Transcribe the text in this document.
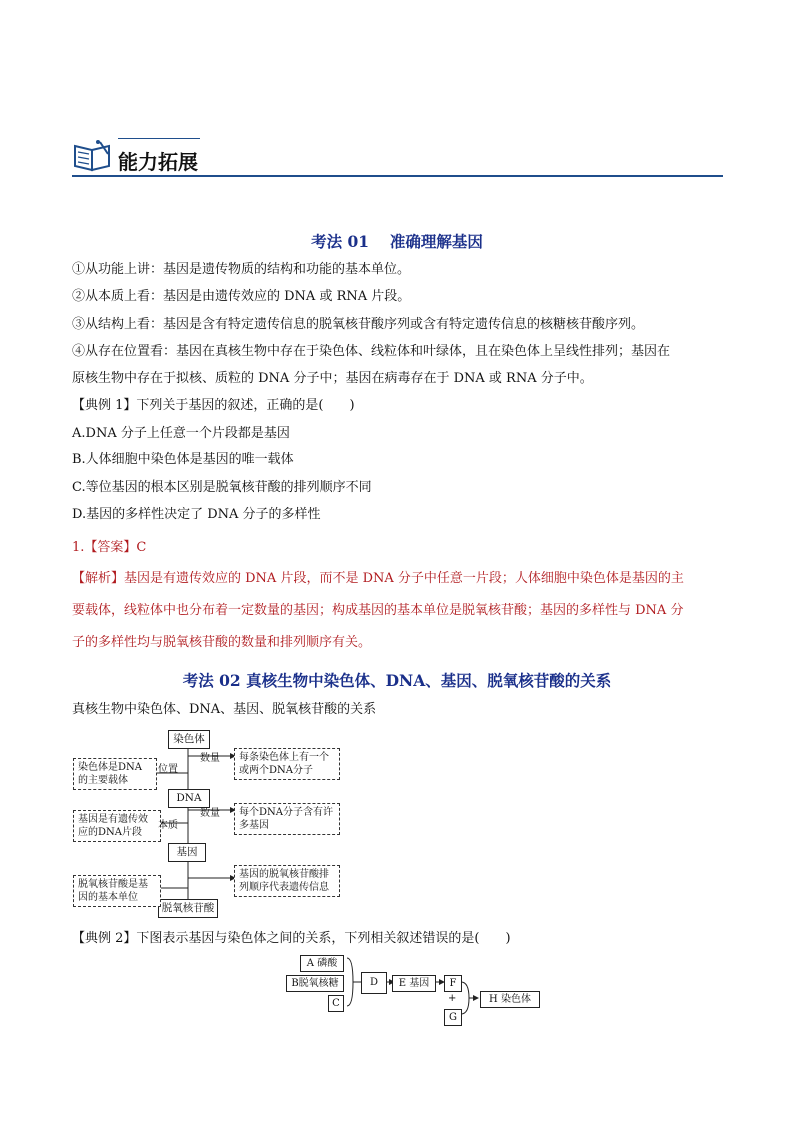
能力拓展
考法 01　 准确理解基因
①从功能上讲：基因是遗传物质的结构和功能的基本单位。
②从本质上看：基因是由遗传效应的 DNA 或 RNA 片段。
③从结构上看：基因是含有特定遗传信息的脱氧核苷酸序列或含有特定遗传信息的核糖核苷酸序列。
④从存在位置看：基因在真核生物中存在于染色体、线粒体和叶绿体，且在染色体上呈线性排列；基因在
原核生物中存在于拟核、质粒的 DNA 分子中；基因在病毒存在于 DNA 或 RNA 分子中。
【典例 1】下列关于基因的叙述，正确的是(　　)
A.DNA 分子上任意一个片段都是基因
B.人体细胞中染色体是基因的唯一载体
C.等位基因的根本区别是脱氧核苷酸的排列顺序不同
D.基因的多样性决定了 DNA 分子的多样性
1.【答案】C
【解析】基因是有遗传效应的 DNA 片段，而不是 DNA 分子中任意一片段；人体细胞中染色体是基因的主
要载体，线粒体中也分布着一定数量的基因；构成基因的基本单位是脱氧核苷酸；基因的多样性与 DNA 分
子的多样性均与脱氧核苷酸的数量和排列顺序有关。
考法 02 真核生物中染色体、DNA、基因、脱氧核苷酸的关系
真核生物中染色体、DNA、基因、脱氧核苷酸的关系
染色体
DNA
基因
脱氧核苷酸
染色体是DNA
的主要载体
基因是有遗传效
应的DNA片段
脱氧核苷酸是基
因的基本单位
位置
本质
数量
数量
每条染色体上有一个
或两个DNA分子
每个DNA分子含有许
多基因
基因的脱氧核苷酸排
列顺序代表遗传信息
【典例 2】下图表示基因与染色体之间的关系，下列相关叙述错误的是(　　)
A 磷酸
B脱氧核糖
C
D	E 基因	F
+
G
H 染色体
